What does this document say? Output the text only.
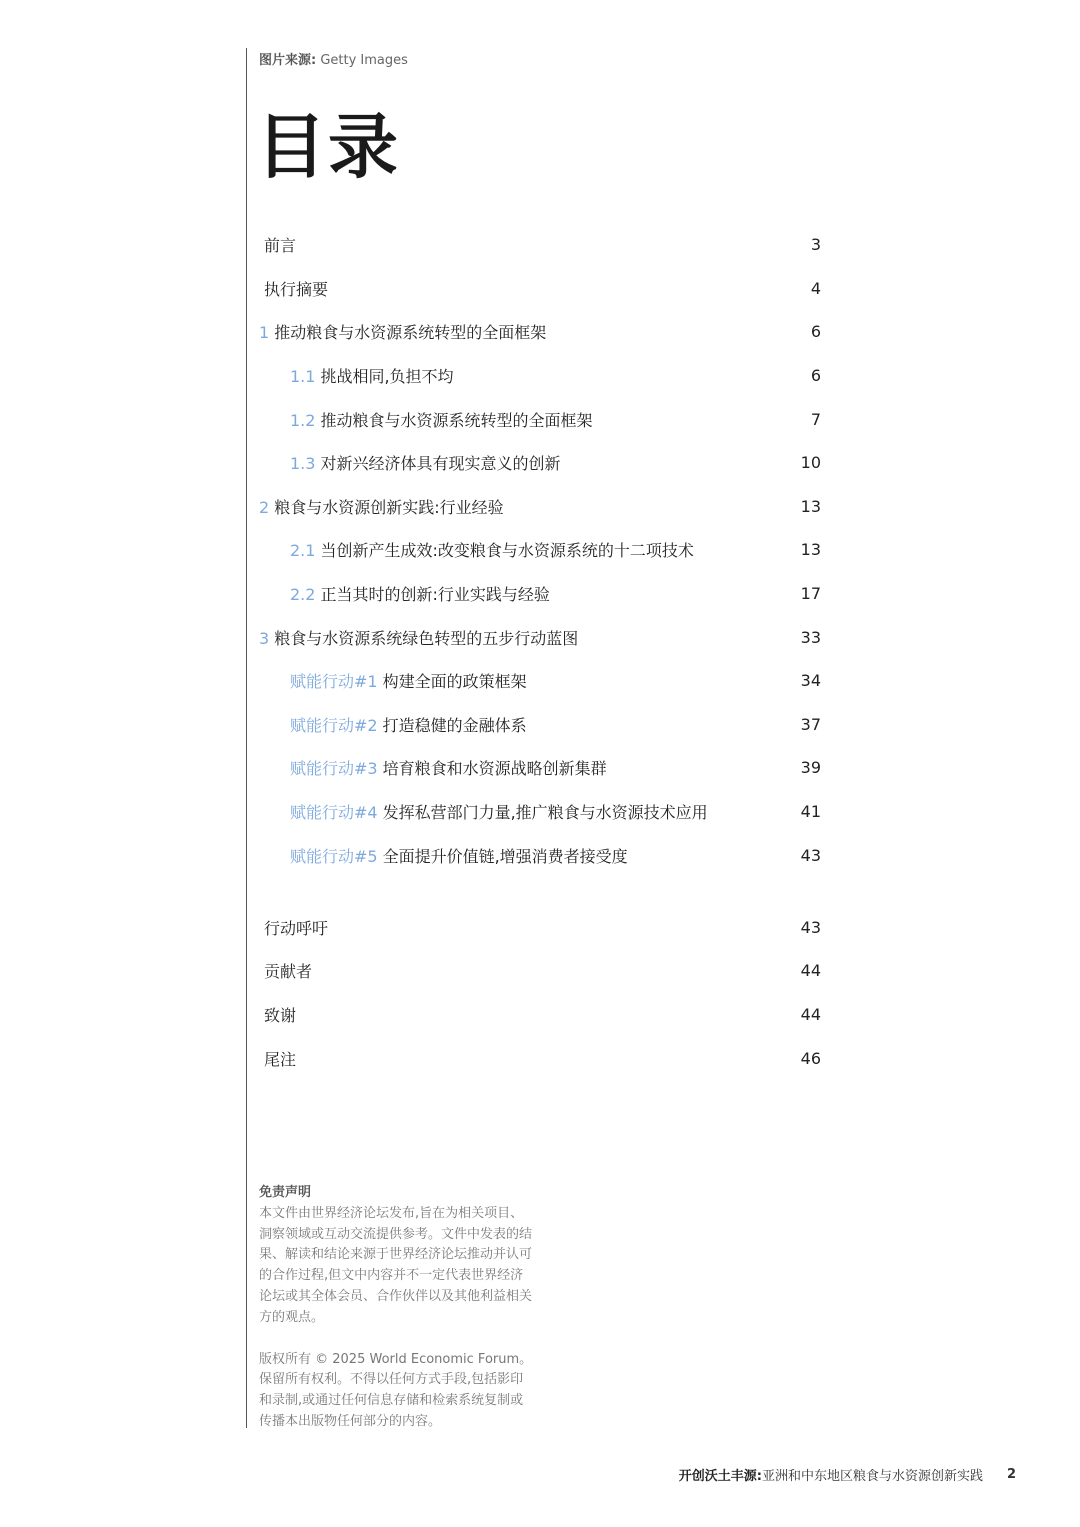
图片来源: Getty Images
目录
前言	3
执行摘要	4
1 推动粮食与水资源系统转型的全面框架	6
1.1 挑战相同,负担不均	6
1.2 推动粮食与水资源系统转型的全面框架	7
1.3 对新兴经济体具有现实意义的创新	10
2 粮食与水资源创新实践:行业经验	13
2.1 当创新产生成效:改变粮食与水资源系统的十二项技术	13
2.2 正当其时的创新:行业实践与经验	17
3 粮食与水资源系统绿色转型的五步行动蓝图	33
赋能行动#1 构建全面的政策框架	34
赋能行动#2 打造稳健的金融体系	37
赋能行动#3 培育粮食和水资源战略创新集群	39
赋能行动#4 发挥私营部门力量,推广粮食与水资源技术应用	41
赋能行动#5 全面提升价值链,增强消费者接受度	43
行动呼吁	43
贡献者	44
致谢	44
尾注	46

免责声明

本文件由世界经济论坛发布,旨在为相关项目、洞察领域或互动交流提供参考。文件中发表的结果、解读和结论来源于世界经济论坛推动并认可的合作过程,但文中内容并不一定代表世界经济论坛或其全体会员、合作伙伴以及其他利益相关方的观点。

版权所有 © 2025 World Economic Forum。保留所有权利。不得以任何方式手段,包括影印和录制,或通过任何信息存储和检索系统复制或传播本出版物任何部分的内容。

开创沃土丰源: 亚洲和中东地区粮食与水资源创新实践 2
